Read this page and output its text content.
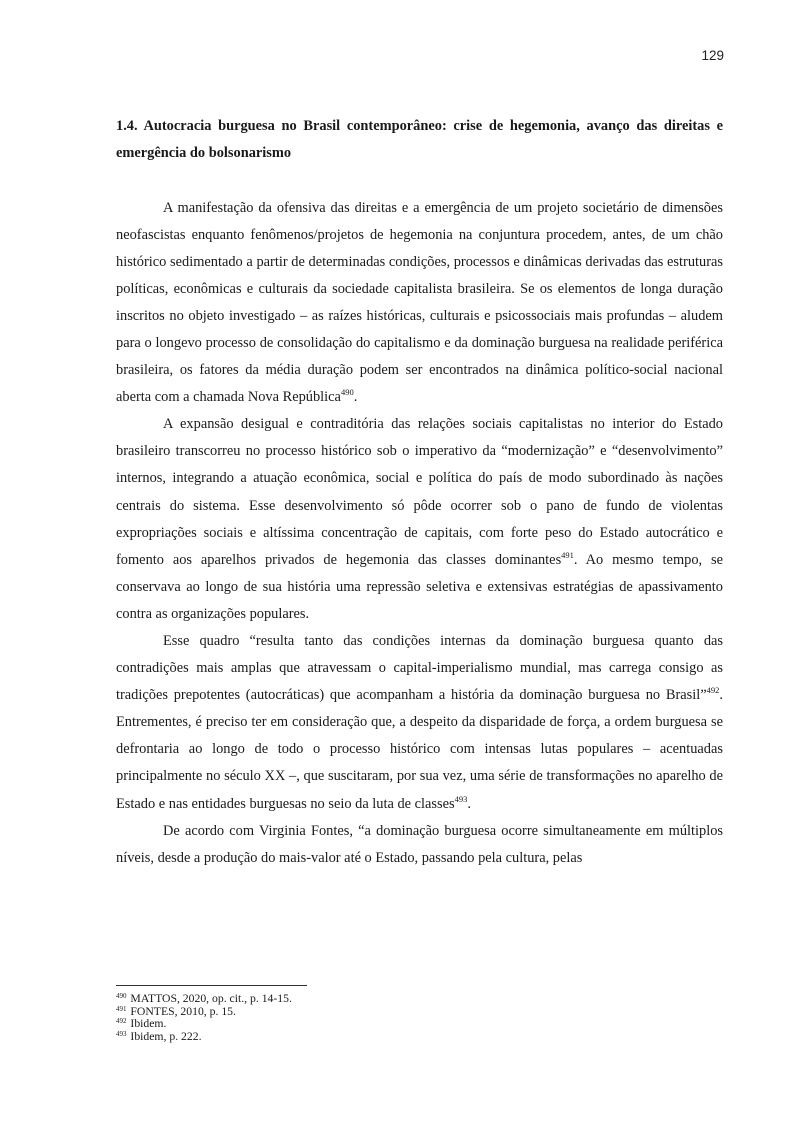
129
1.4. Autocracia burguesa no Brasil contemporâneo: crise de hegemonia, avanço das direitas e emergência do bolsonarismo

A manifestação da ofensiva das direitas e a emergência de um projeto societário de dimensões neofascistas enquanto fenômenos/projetos de hegemonia na conjuntura procedem, antes, de um chão histórico sedimentado a partir de determinadas condições, processos e dinâmicas derivadas das estruturas políticas, econômicas e culturais da sociedade capitalista brasileira. Se os elementos de longa duração inscritos no objeto investigado – as raízes históricas, culturais e psicossociais mais profundas – aludem para o longevo processo de consolidação do capitalismo e da dominação burguesa na realidade periférica brasileira, os fatores da média duração podem ser encontrados na dinâmica político-social nacional aberta com a chamada Nova República$^{490}$.

A expansão desigual e contraditória das relações sociais capitalistas no interior do Estado brasileiro transcorreu no processo histórico sob o imperativo da “modernização” e “desenvolvimento” internos, integrando a atuação econômica, social e política do país de modo subordinado às nações centrais do sistema. Esse desenvolvimento só pôde ocorrer sob o pano de fundo de violentas expropriações sociais e altíssima concentração de capitais, com forte peso do Estado autocrático e fomento aos aparelhos privados de hegemonia das classes dominantes$^{491}$. Ao mesmo tempo, se conservava ao longo de sua história uma repressão seletiva e extensivas estratégias de apassivamento contra as organizações populares.

Esse quadro “resulta tanto das condições internas da dominação burguesa quanto das contradições mais amplas que atravessam o capital-imperialismo mundial, mas carrega consigo as tradições prepotentes (autocráticas) que acompanham a história da dominação burguesa no Brasil”$^{492}$. Entrementes, é preciso ter em consideração que, a despeito da disparidade de força, a ordem burguesa se defrontaria ao longo de todo o processo histórico com intensas lutas populares – acentuadas principalmente no século XX –, que suscitaram, por sua vez, uma série de transformações no aparelho de Estado e nas entidades burguesas no seio da luta de classes$^{493}$.

De acordo com Virginia Fontes, “a dominação burguesa ocorre simultaneamente em múltiplos níveis, desde a produção do mais-valor até o Estado, passando pela cultura, pelas

$^{490}$ MATTOS, 2020, op. cit., p. 14-15.
$^{491}$ FONTES, 2010, p. 15.
$^{492}$ Ibidem.
$^{493}$ Ibidem, p. 222.
